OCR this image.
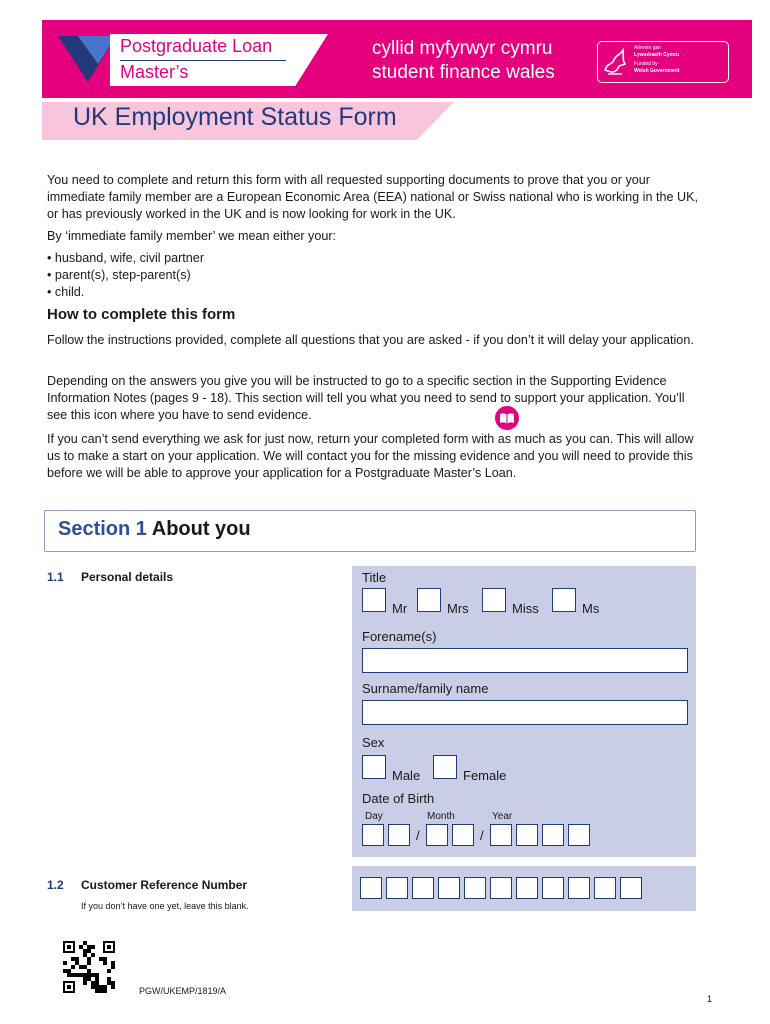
Postgraduate Loan
Master’s
cyllid myfyrwyr cymru
student finance wales
Ariennir gan
Lywodraeth Cymru
Funded by
Welsh Government
UK Employment Status Form

You need to complete and return this form with all requested supporting documents to prove that you or your immediate family member are a European Economic Area (EEA) national or Swiss national who is working in the UK, or has previously worked in the UK and is now looking for work in the UK.

By ‘immediate family member’ we mean either your:

• husband, wife, civil partner
• parent(s), step-parent(s)
• child.
How to complete this form

Follow the instructions provided, complete all questions that you are asked - if you don’t it will delay your application.

Depending on the answers you give you will be instructed to go to a specific section in the Supporting Evidence Information Notes (pages 9 - 18). This section will tell you what you need to send to support your application. You’ll see this icon where you have to send evidence.

If you can’t send everything we ask for just now, return your completed form with as much as you can. This will allow us to make a start on your application. We will contact you for the missing evidence and you will need to provide this before we will be able to approve your application for a Postgraduate Master’s Loan.

Section 1 About you
1.1 Personal details	Title
Mr	Mrs	Miss	Ms
Forename(s)
Surname/family name
Sex
Male	Female
Date of Birth
Day	Month	Year
/	/
1.2 Customer Reference Number
If you don’t have one yet, leave this blank.
PGW/UKEMP/1819/A
1
